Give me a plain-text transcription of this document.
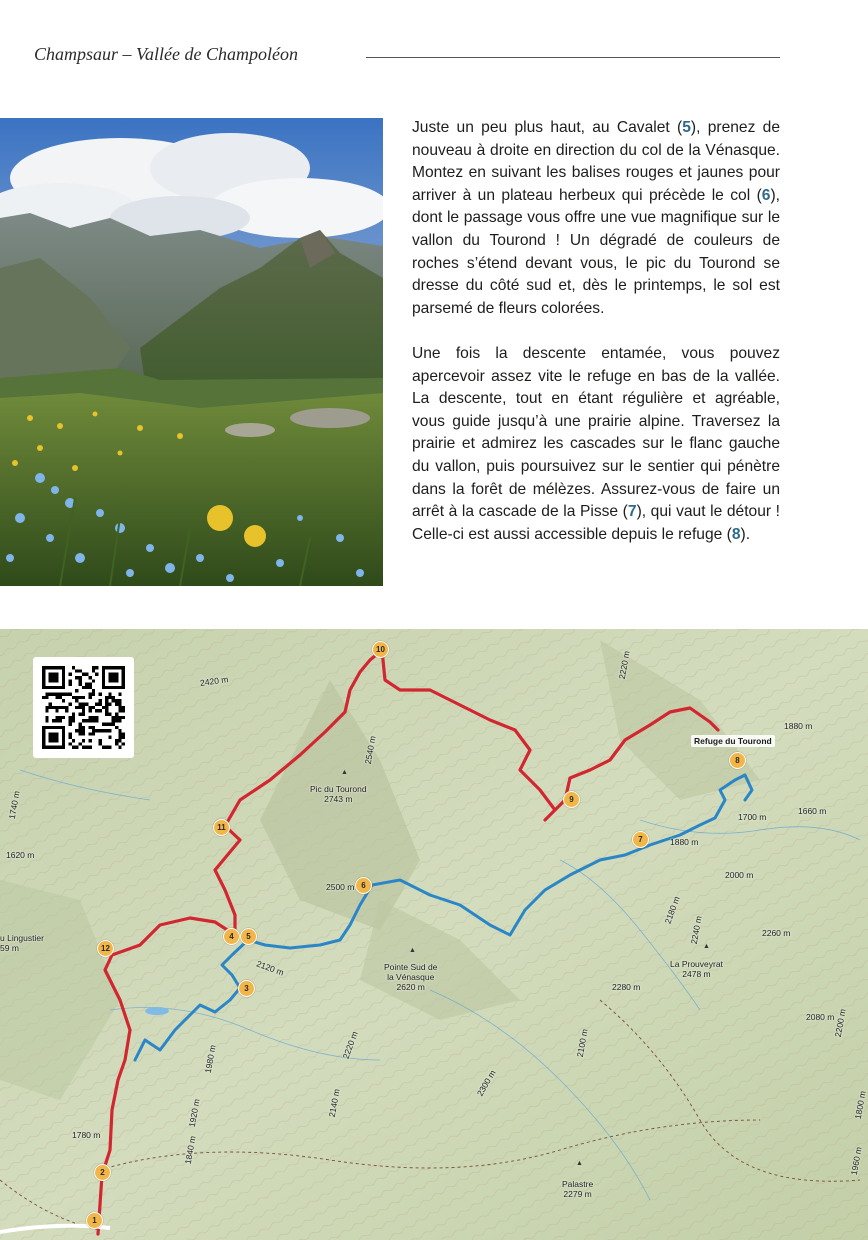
Champsaur – Vallée de Champoléon

Juste un peu plus haut, au Cavalet (5), prenez de nouveau à droite en direction du col de la Vénasque. Montez en suivant les balises rouges et jaunes pour arriver à un plateau herbeux qui précède le col (6), dont le passage vous offre une vue magnifique sur le vallon du Tourond ! Un dégradé de couleurs de roches s’étend devant vous, le pic du Tourond se dresse du côté sud et, dès le printemps, le sol est parsemé de fleurs colorées.

Une fois la descente entamée, vous pouvez apercevoir assez vite le refuge en bas de la vallée. La descente, tout en étant régulière et agréable, vous guide jusqu’à une prairie alpine. Traversez la prairie et admirez les cascades sur le flanc gauche du vallon, puis poursuivez sur le sentier qui pénètre dans la forêt de mélèzes. Assurez-vous de faire un arrêt à la cascade de la Pisse (7), qui vaut le détour ! Celle-ci est aussi accessible depuis le refuge (8).

2420 m
2540 m
2500 m
2220 m
2120 m
2240 m
2280 m
1880 m
1780 m
1700 m
1660 m
1880 m
2000 m
2260 m
2180 m
2100 m
2300 m
1920 m
1740 m
1620 m
2140 m
1980 m
1840 m
2220 m
1800 m
2080 m
1960 m
2200 m
▲
Pic du Tourond
2743 m
▲
Pointe Sud de
la Vénasque
2620 m
▲
La Prouveyrat
2478 m
▲
Palastre
2279 m
u Lingustier
59 m
Refuge du Tourond
1
2
3
4	5
6
7
8
9
10
11
12
